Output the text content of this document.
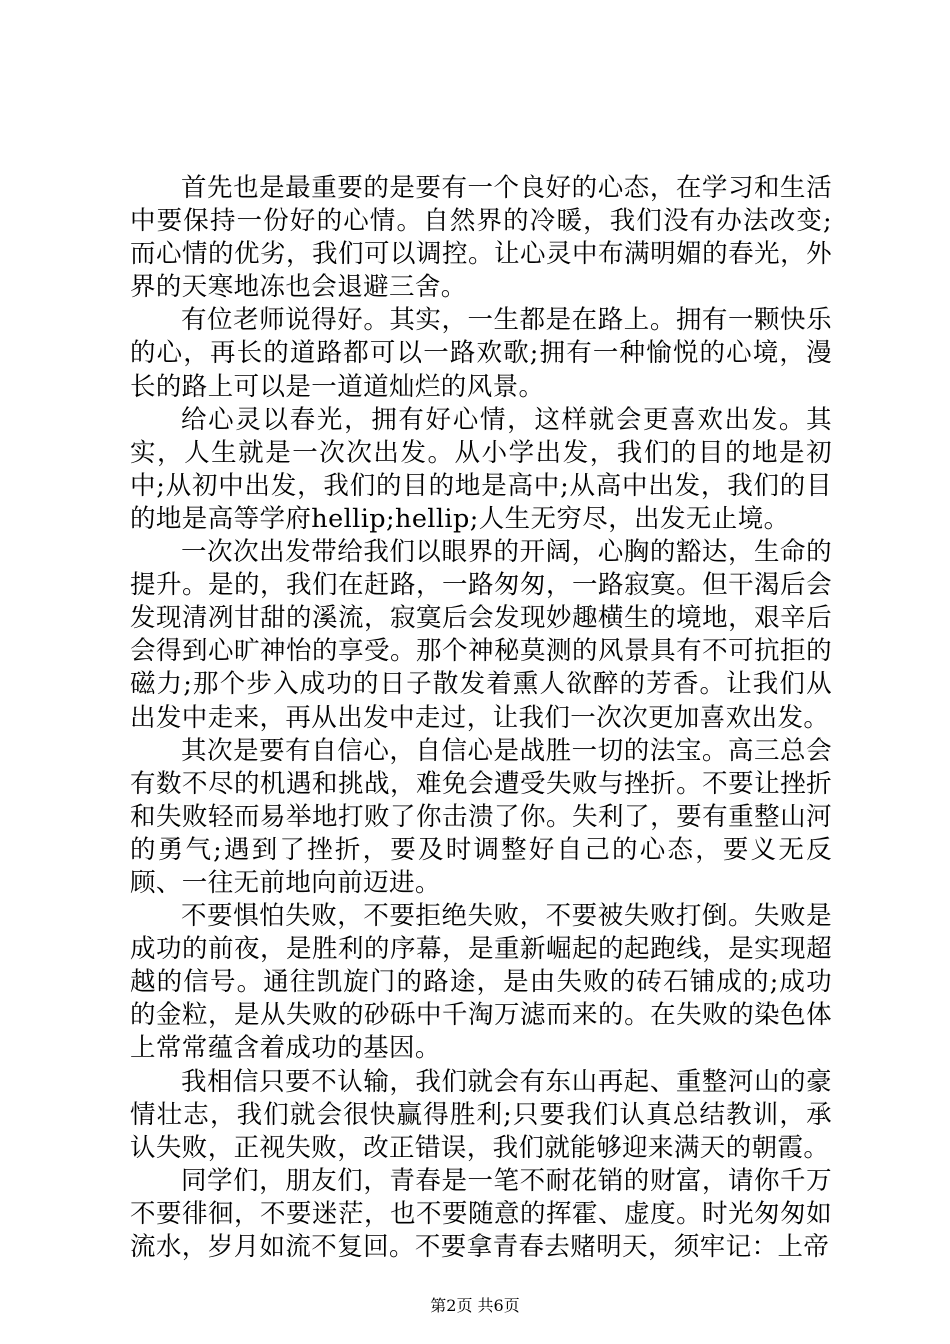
首先也是最重要的是要有一个良好的心态，在学习和生活中要保持一份好的心情。自然界的冷暖，我们没有办法改变;而心情的优劣，我们可以调控。让心灵中布满明媚的春光，外界的天寒地冻也会退避三舍。

有位老师说得好。其实，一生都是在路上。拥有一颗快乐的心，再长的道路都可以一路欢歌;拥有一种愉悦的心境，漫长的路上可以是一道道灿烂的风景。

给心灵以春光，拥有好心情，这样就会更喜欢出发。其实，人生就是一次次出发。从小学出发，我们的目的地是初中;从初中出发，我们的目的地是高中;从高中出发，我们的目的地是高等学府hellip;hellip;人生无穷尽，出发无止境。

一次次出发带给我们以眼界的开阔，心胸的豁达，生命的提升。是的，我们在赶路，一路匆匆，一路寂寞。但干渴后会发现清冽甘甜的溪流，寂寞后会发现妙趣横生的境地，艰辛后会得到心旷神怡的享受。那个神秘莫测的风景具有不可抗拒的磁力;那个步入成功的日子散发着熏人欲醉的芳香。让我们从出发中走来，再从出发中走过，让我们一次次更加喜欢出发。

其次是要有自信心，自信心是战胜一切的法宝。高三总会有数不尽的机遇和挑战，难免会遭受失败与挫折。不要让挫折和失败轻而易举地打败了你击溃了你。失利了，要有重整山河的勇气;遇到了挫折，要及时调整好自己的心态，要义无反顾、一往无前地向前迈进。

不要惧怕失败，不要拒绝失败，不要被失败打倒。失败是成功的前夜，是胜利的序幕，是重新崛起的起跑线，是实现超越的信号。通往凯旋门的路途，是由失败的砖石铺成的;成功的金粒，是从失败的砂砾中千淘万滤而来的。在失败的染色体上常常蕴含着成功的基因。

我相信只要不认输，我们就会有东山再起、重整河山的豪情壮志，我们就会很快赢得胜利;只要我们认真总结教训，承认失败，正视失败，改正错误，我们就能够迎来满天的朝霞。

同学们，朋友们，青春是一笔不耐花销的财富，请你千万不要徘徊，不要迷茫，也不要随意的挥霍、虚度。时光匆匆如流水，岁月如流不复回。不要拿青春去赌明天，须牢记：上帝

第2页 共6页
